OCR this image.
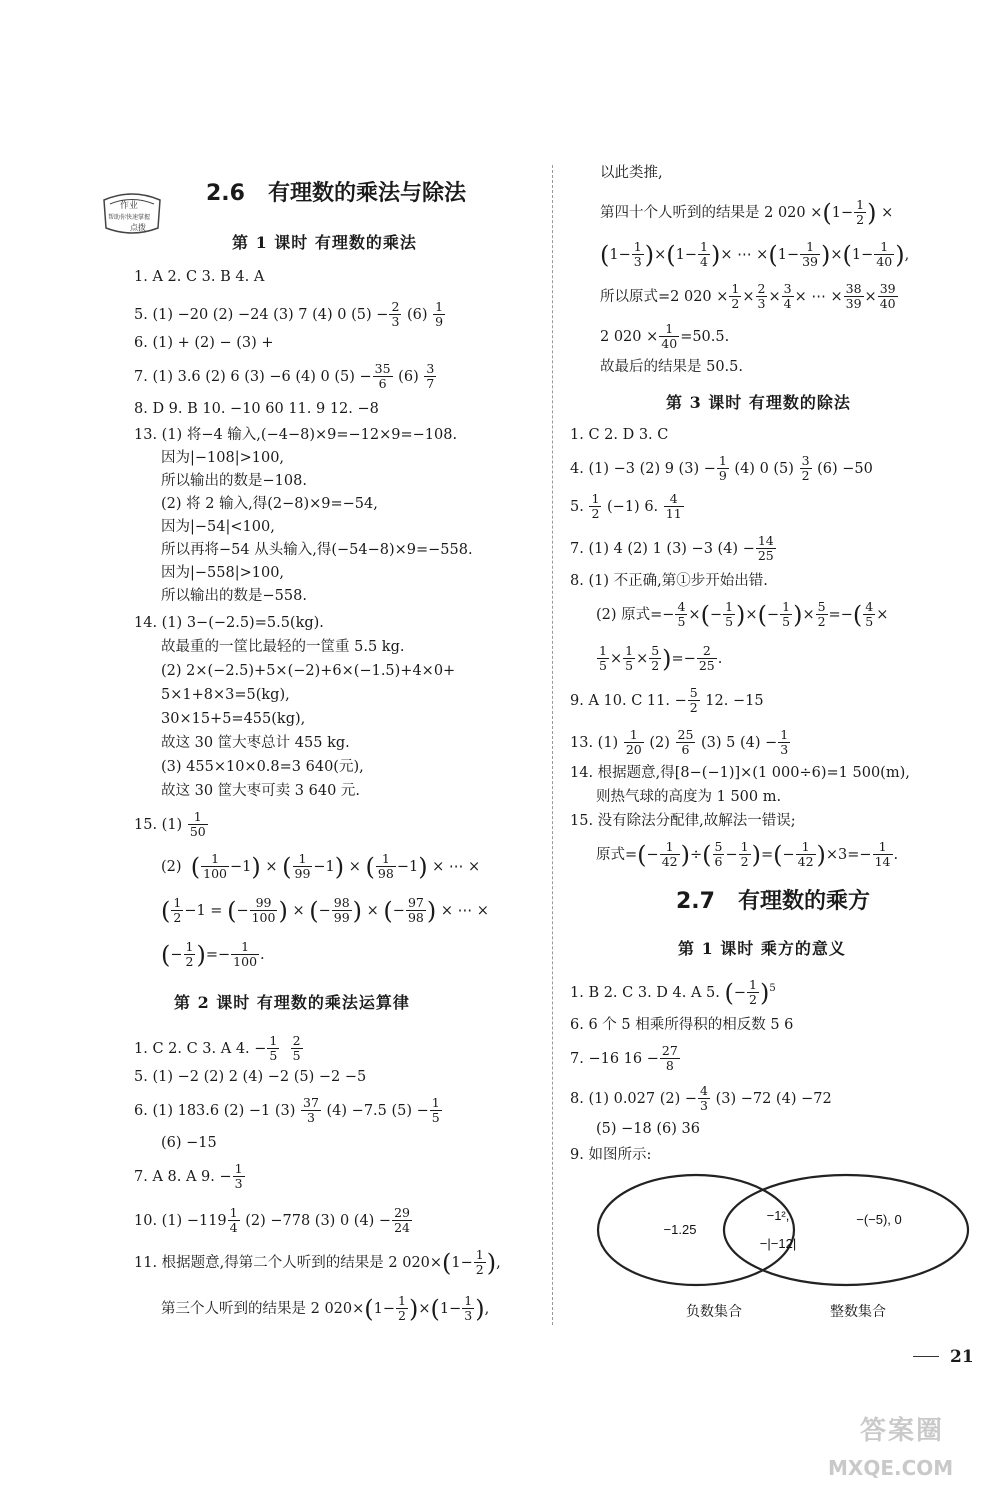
作业
帮助你快速掌握
点拨
2.6 有理数的乘法与除法
第 1 课时 有理数的乘法
1. A 2. C 3. B 4. A
5. (1) −20 (2) −24 (3) 7 (4) 0 $(5) - \frac{2}{3} (6) \frac{1}{9}$
6. (1) + (2) − (3) +
7. (1) 3.6 (2) 6 (3) −6 (4) 0 $(5) - \frac{35}{6} (6) \frac{3}{7}$
8. D 9. B 10. −10 60 11. 9 12. −8
13. (1) 将−4 输入,(−4−8)×9=−12×9=−108.
因为|−108|>100,
所以输出的数是−108.
(2) 将 2 输入,得(2−8)×9=−54,
因为|−54|<100,
所以再将−54 从头输入,得(−54−8)×9=−558.
因为|−558|>100,
所以输出的数是−558.
14. (1) 3−(−2.5)=5.5(kg).
故最重的一筐比最轻的一筐重 5.5 kg.
(2) 2×(−2.5)+5×(−2)+6×(−1.5)+4×0+
5×1+8×3=5(kg),
30×15+5=455(kg),
故这 30 筐大枣总计 455 kg.
(3) 455×10×0.8=3 640(元),
故这 30 筐大枣可卖 3 640 元.
15. $(1) \frac{1}{50}$
(2) ( $\frac{1}{100} -1$) × ( $\frac{1}{99} -1$) × ( $\frac{1}{98} -1$) × ⋯ ×
( $\frac{1}{2} -1$ = (− $\frac{99}{100}$ ) × (− $\frac{98}{99}$ ) × (− $\frac{97}{98}$ ) × ⋯ ×
(− $\frac{1}{2}$ )=− $\frac{1}{100}$ .
第 2 课时 有理数的乘法运算律
1. C 2. C 3. A 4. − $\frac{1}{5}$
$\frac{2}{5}$
5. (1) −2 (2) 2 (4) −2 (5) −2 −5
6. (1) 183.6 (2) −1 $(3) \frac{37}{3} (4) -7.5$ $(5) - \frac{1}{5}$
(6) −15
7. A 8. A 9. − $\frac{1}{3}$
10. $(1) -119 \frac{1}{4} (2) -778$ (3) 0 $(4) - \frac{29}{24}$
11. 根据题意,得第二个人听到的结果是 2 $020\times(1- \frac{1}{2}$ ),
第三个人听到的结果是 2 $020\times(1- \frac{1}{2} )\times(1- \frac{1}{3}$ ),
以此类推,
第四十个人听到的结果是 2 $020 \times(1- \frac{1}{2}$ ) ×
$(1- \frac{1}{3} )\times(1- \frac{1}{4}$ )× ⋯ $\times(1- \frac{1}{39} )\times(1- \frac{1}{40}$ ),
所以原式=2 $020 \times \frac{1}{2} \times \frac{2}{3} \times \frac{3}{4}$ × ⋯ × $\frac{38}{39} \times \frac{39}{40}$
2 $020 \times \frac{1}{40} =50.5$.
故最后的结果是 50.5.
第 3 课时 有理数的除法
1. C 2. D 3. C
4. (1) −3 (2) 9 $(3) - \frac{1}{9} (4)$ 0 $(5) \frac{3}{2} (6) -50$
5. $\frac{1}{2} (-1)$ 6. $\frac{4}{11}$
7. (1) 4 (2) 1 (3) −3 $(4) - \frac{14}{25}$
8. (1) 不正确,第①步开始出错.
(2) 原式=− $\frac{4}{5}$ ×(− $\frac{1}{5}$ )×(− $\frac{1}{5}$ )× $\frac{5}{2}$ =−( $\frac{4}{5}$ ×
$\frac{1}{5} \times \frac{1}{5} \times \frac{5}{2}$ )=− $\frac{2}{25}$ .
9. A 10. C 11. − $\frac{5}{2} 12$. −15
13. $(1) \frac{1}{20} (2) \frac{25}{6} (3)$ 5 $(4) - \frac{1}{3}$
14. 根据题意,得[8−(−1)]×(1 000÷6)=1 500(m),
则热气球的高度为 1 500 m.
15. 没有除法分配律,故解法一错误;
原式=(− $\frac{1}{42}$ )÷( $\frac{5}{6} - \frac{1}{2}$ )=(− $\frac{1}{42} )\times 3=- \frac{1}{14}$ .
2.7 有理数的乘方
第 1 课时 乘方的意义
1. B 2. C 3. D 4. A 5. (− $\frac{1}{2} )^5$
6. 6 个 5 相乘所得积的相反数 5 6
7. −16 $16 - \frac{27}{8}$
8. (1) 0.027 $(2) - \frac{4}{3} (3) -72$ (4) −72
(5) −18 (6) 36
9. 如图所示:
−1.25
−1²,
−|−12|
−(−5), 0
负数集合	整数集合
21
答案圈
MXQE.COM
